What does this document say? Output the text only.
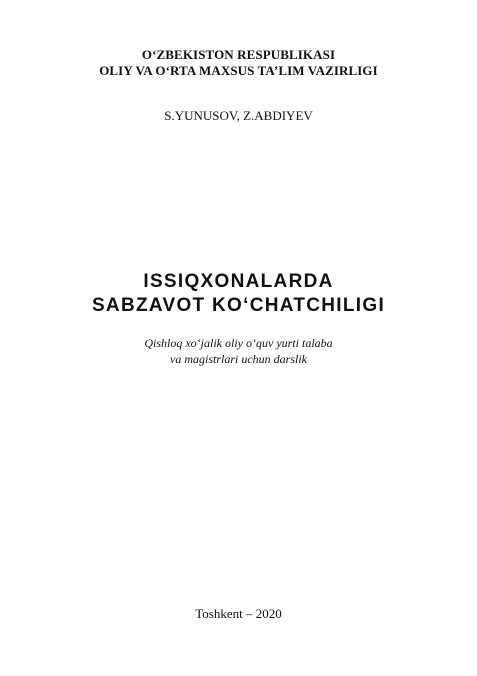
O‘ZBEKISTON RESPUBLIKASI
OLIY VA O‘RTA MAXSUS TA’LIM VAZIRLIGI
S.YUNUSOV, Z.ABDIYEV
ISSIQXONALARDA
SABZAVOT KO‘CHATCHILIGI
Qishloq xo‘jalik oliy o‘quv yurti talaba
va magistrlari uchun darslik
Toshkent – 2020
